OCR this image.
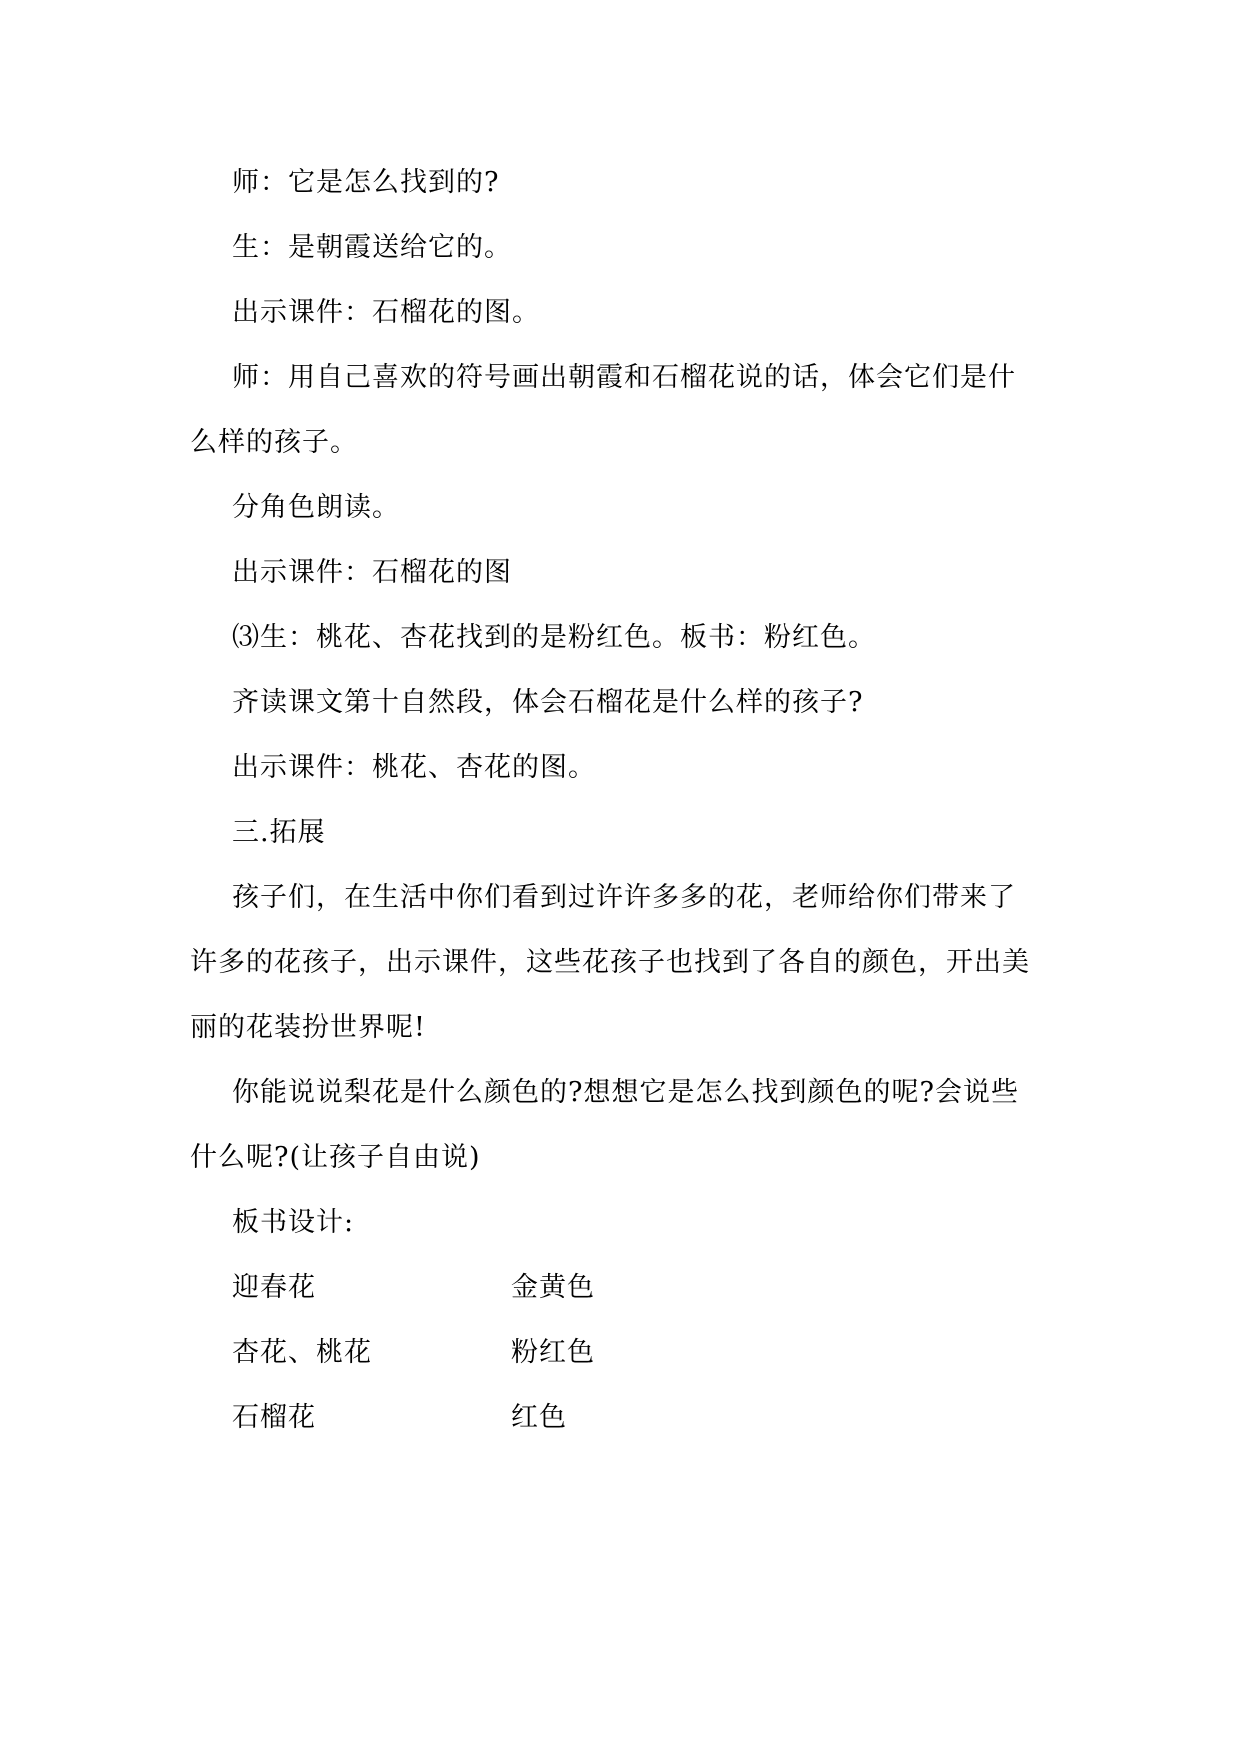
师：它是怎么找到的?
生：是朝霞送给它的。
出示课件：石榴花的图。
师：用自己喜欢的符号画出朝霞和石榴花说的话，体会它们是什
么样的孩子。
分角色朗读。
出示课件：石榴花的图
⑶生：桃花、杏花找到的是粉红色。板书：粉红色。
齐读课文第十自然段，体会石榴花是什么样的孩子?
出示课件：桃花、杏花的图。
三.拓展
孩子们，在生活中你们看到过许许多多的花，老师给你们带来了
许多的花孩子，出示课件，这些花孩子也找到了各自的颜色，开出美
丽的花装扮世界呢!
你能说说梨花是什么颜色的?想想它是怎么找到颜色的呢?会说些
什么呢?(让孩子自由说)
板书设计:
迎春花	金黄色
杏花、桃花	粉红色
石榴花	红色
